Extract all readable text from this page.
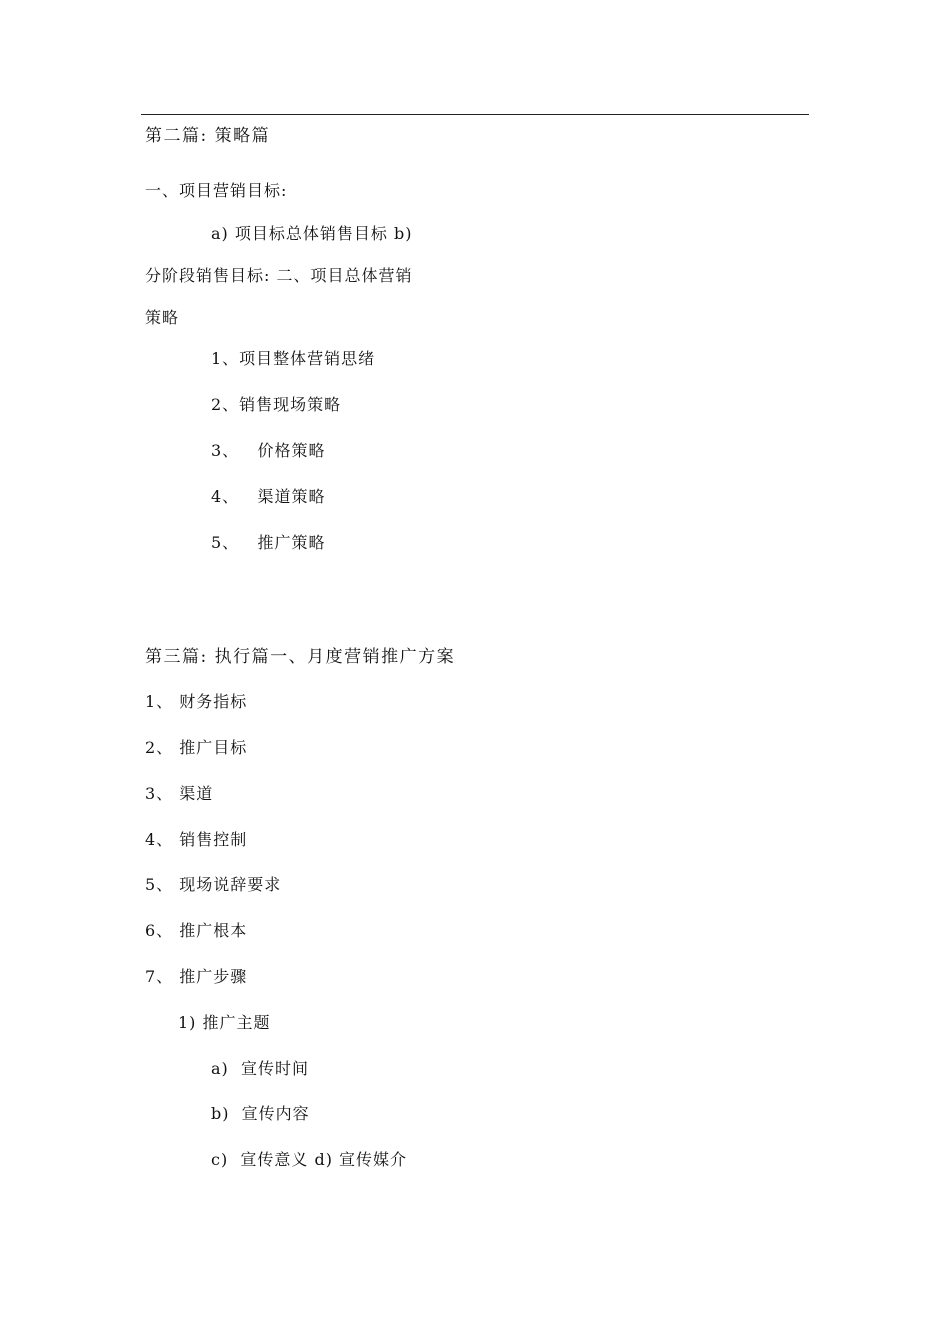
第二篇: 策略篇
一、项目营销目标:
a) 项目标总体销售目标 b)
分阶段销售目标: 二、项目总体营销
策略
1、项目整体营销思绪
2、销售现场策略
3、   价格策略
4、   渠道策略
5、   推广策略
第三篇: 执行篇一、月度营销推广方案
1、 财务指标
2、 推广目标
3、 渠道
4、 销售控制
5、 现场说辞要求
6、 推广根本
7、 推广步骤
1) 推广主题
a)  宣传时间
b)  宣传内容
c)  宣传意义 d) 宣传媒介
